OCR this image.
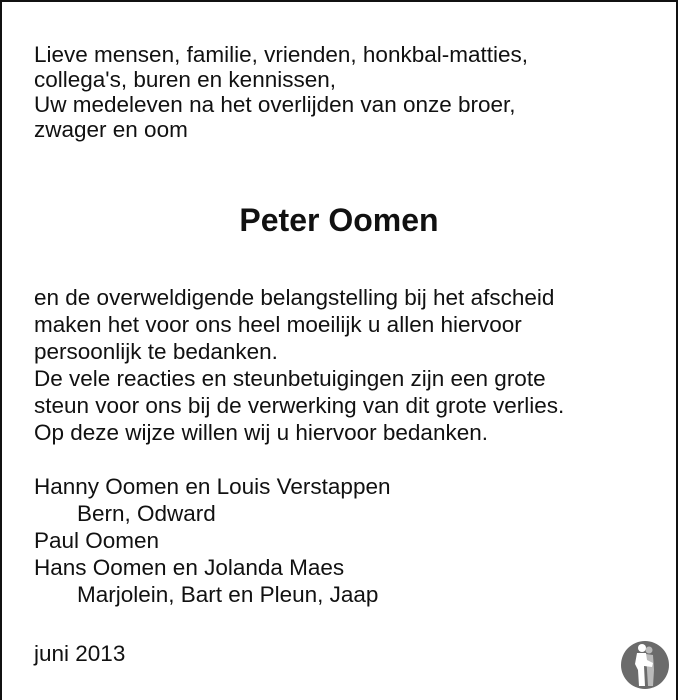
Lieve mensen, familie, vrienden, honkbal-matties,
collega's, buren en kennissen,
Uw medeleven na het overlijden van onze broer,
zwager en oom
Peter Oomen
en de overweldigende belangstelling bij het afscheid
maken het voor ons heel moeilijk u allen hiervoor
persoonlijk te bedanken.
De vele reacties en steunbetuigingen zijn een grote
steun voor ons bij de verwerking van dit grote verlies.
Op deze wijze willen wij u hiervoor bedanken.
Hanny Oomen en Louis Verstappen
Bern, Odward
Paul Oomen
Hans Oomen en Jolanda Maes
Marjolein, Bart en Pleun, Jaap
juni 2013
